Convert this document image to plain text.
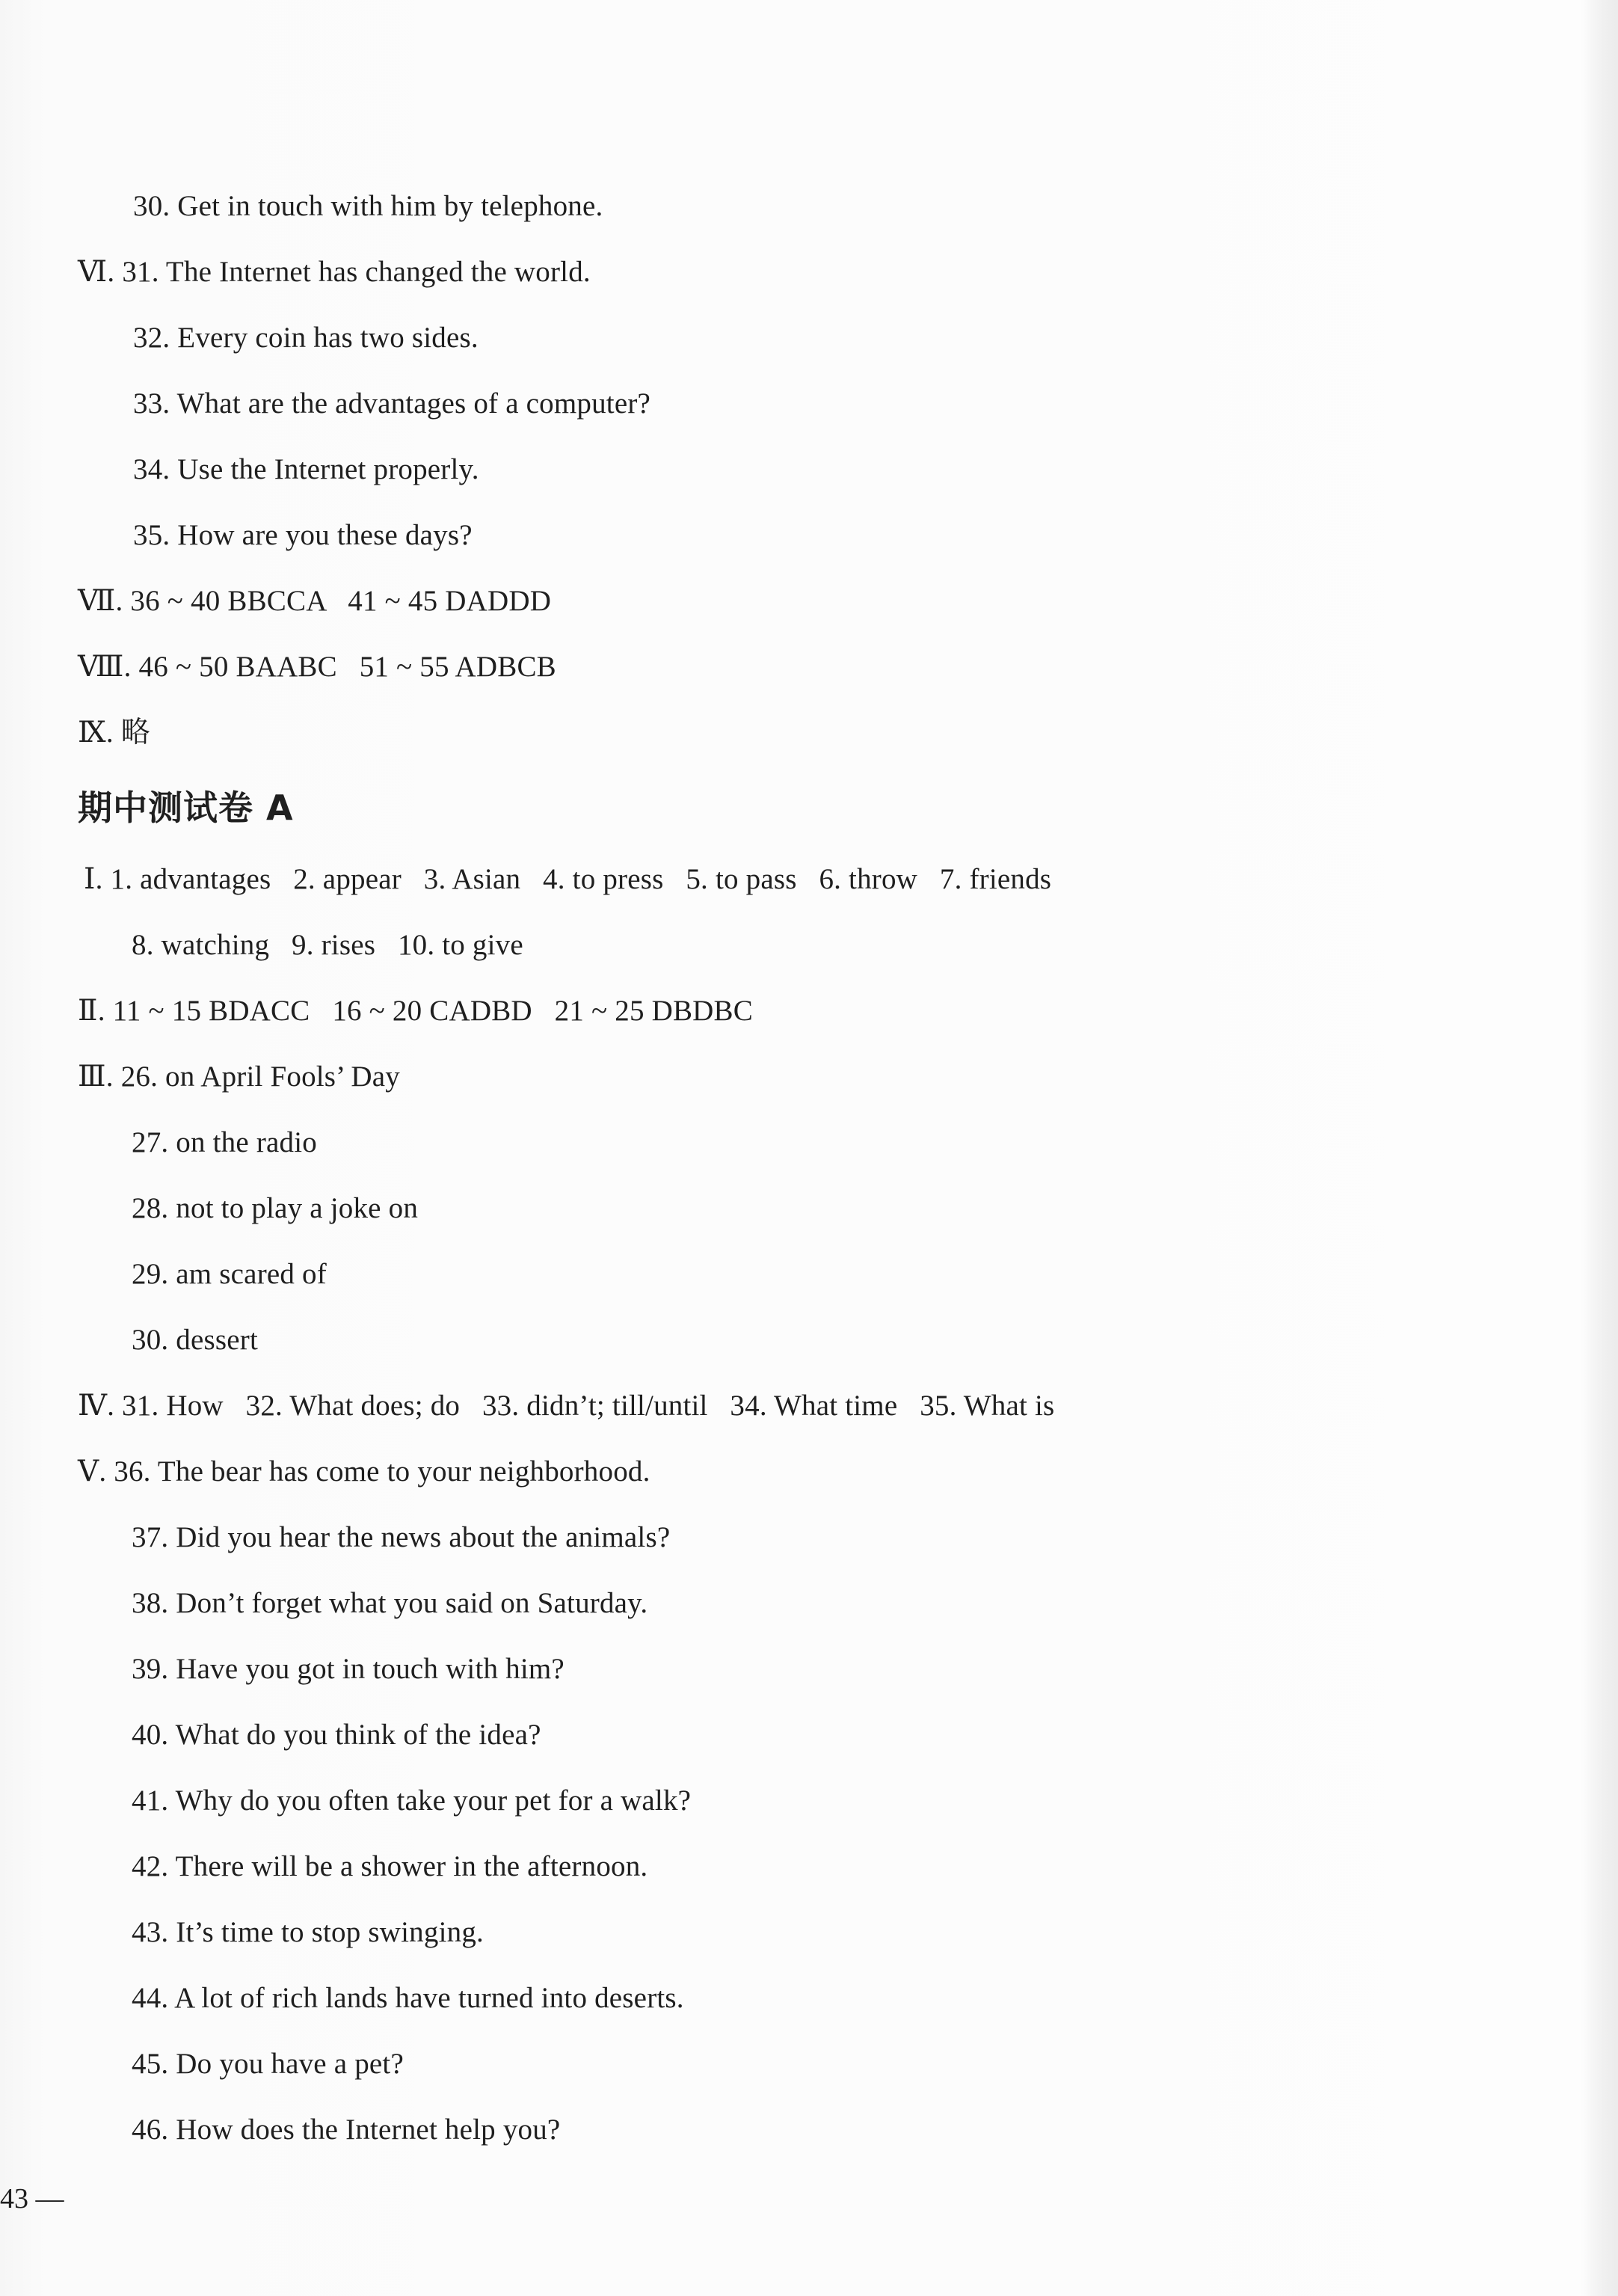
30. Get in touch with him by telephone.
Ⅵ. 31. The Internet has changed the world.
32. Every coin has two sides.
33. What are the advantages of a computer?
34. Use the Internet properly.
35. How are you these days?
Ⅶ. 36 ~ 40 BBCCA   41 ~ 45 DADDD
Ⅷ. 46 ~ 50 BAABC   51 ~ 55 ADBCB
Ⅸ. 略
期中测试卷 A
Ⅰ. 1. advantages   2. appear   3. Asian   4. to press   5. to pass   6. throw   7. friends
8. watching   9. rises   10. to give
Ⅱ. 11 ~ 15 BDACC   16 ~ 20 CADBD   21 ~ 25 DBDBC
Ⅲ. 26. on April Fools’ Day
27. on the radio
28. not to play a joke on
29. am scared of
30. dessert
Ⅳ. 31. How   32. What does; do   33. didn’t; till/until   34. What time   35. What is
Ⅴ. 36. The bear has come to your neighborhood.
37. Did you hear the news about the animals?
38. Don’t forget what you said on Saturday.
39. Have you got in touch with him?
40. What do you think of the idea?
41. Why do you often take your pet for a walk?
42. There will be a shower in the afternoon.
43. It’s time to stop swinging.
44. A lot of rich lands have turned into deserts.
45. Do you have a pet?
46. How does the Internet help you?
43 —
